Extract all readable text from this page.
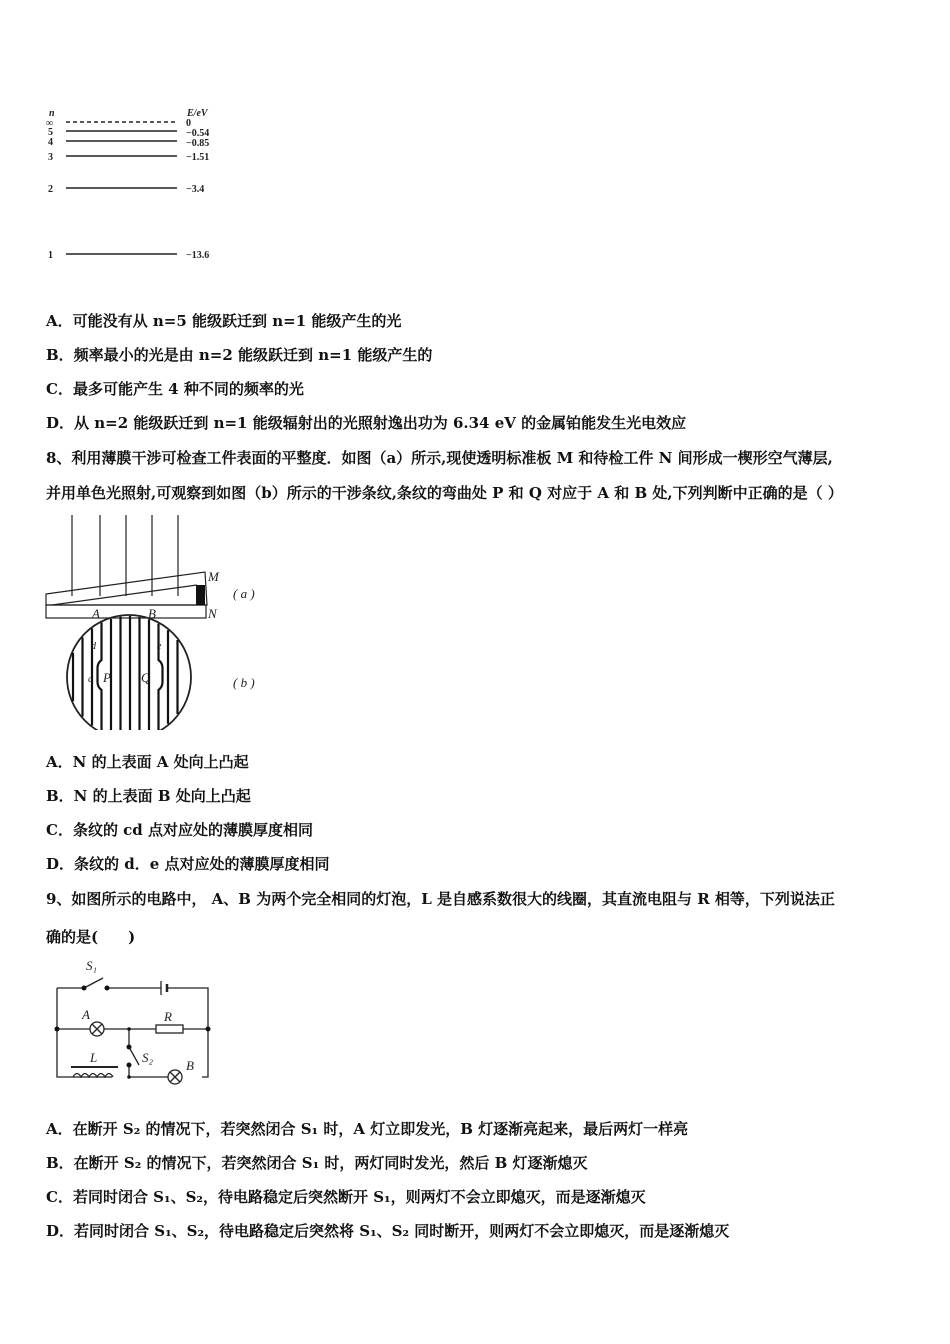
n	E/eV
∞
5
4
3
2
1
0
−0.54
−0.85
−1.51
−3.4
−13.6
A．可能没有从 n=5 能级跃迁到 n=1 能级产生的光
B．频率最小的光是由 n=2 能级跃迁到 n=1 能级产生的
C．最多可能产生 4 种不同的频率的光
D．从 n=2 能级跃迁到 n=1 能级辐射出的光照射逸出功为 6.34 eV 的金属铂能发生光电效应
8、利用薄膜干涉可检查工件表面的平整度．如图（a）所示,现使透明标准板 M 和待检工件 N 间形成一楔形空气薄层,
并用单色光照射,可观察到如图（b）所示的干涉条纹,条纹的弯曲处 P 和 Q 对应于 A 和 B 处,下列判断中正确的是（ ）
M
N
A	B
( a )
( b )
P Q
c
d	e
A．N 的上表面 A 处向上凸起
B．N 的上表面 B 处向上凸起
C．条纹的 cd 点对应处的薄膜厚度相同
D．条纹的 d．e 点对应处的薄膜厚度相同
9、如图所示的电路中， A、B 为两个完全相同的灯泡，L 是自感系数很大的线圈，其直流电阻与 R 相等，下列说法正
确的是(　　)
S₁
S₂
A
B
R
L
A．在断开 S₂ 的情况下，若突然闭合 S₁ 时，A 灯立即发光，B 灯逐渐亮起来，最后两灯一样亮
B．在断开 S₂ 的情况下，若突然闭合 S₁ 时，两灯同时发光，然后 B 灯逐渐熄灭
C．若同时闭合 S₁、S₂，待电路稳定后突然断开 S₁，则两灯不会立即熄灭，而是逐渐熄灭
D．若同时闭合 S₁、S₂，待电路稳定后突然将 S₁、S₂ 同时断开，则两灯不会立即熄灭，而是逐渐熄灭
